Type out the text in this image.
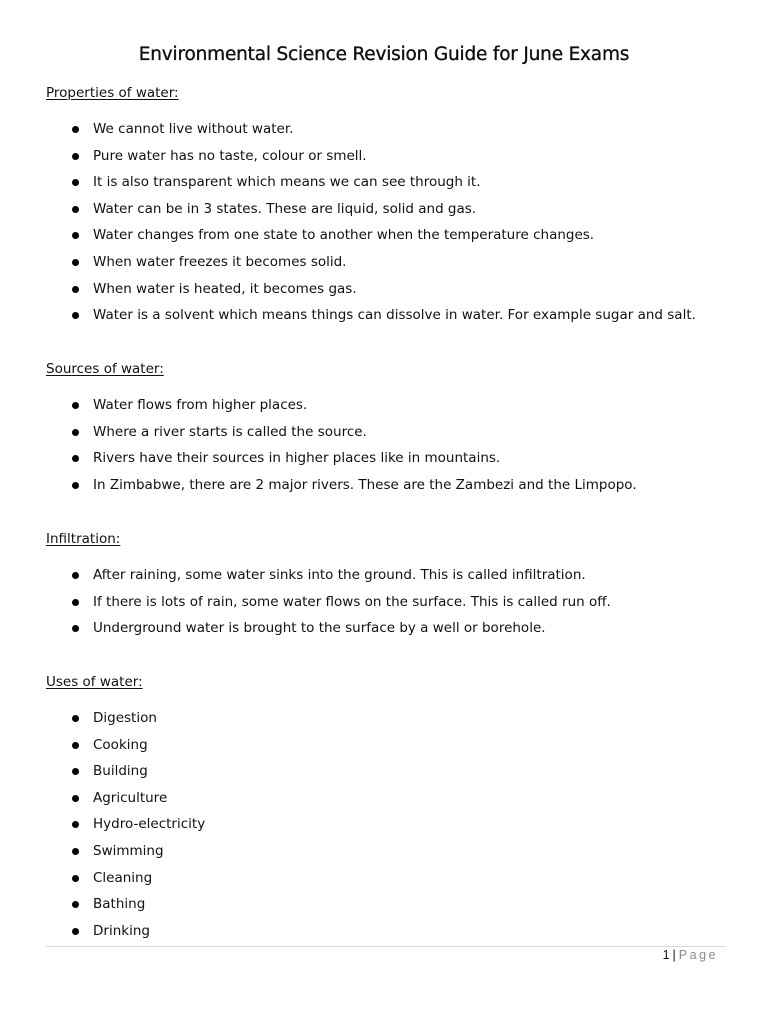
Environmental Science Revision Guide for June Exams

Properties of water:

We cannot live without water.
Pure water has no taste, colour or smell.
It is also transparent which means we can see through it.
Water can be in 3 states. These are liquid, solid and gas.
Water changes from one state to another when the temperature changes.
When water freezes it becomes solid.
When water is heated, it becomes gas.
Water is a solvent which means things can dissolve in water. For example sugar and salt.

Sources of water:

Water flows from higher places.
Where a river starts is called the source.
Rivers have their sources in higher places like in mountains.
In Zimbabwe, there are 2 major rivers. These are the Zambezi and the Limpopo.

Infiltration:

After raining, some water sinks into the ground. This is called infiltration.
If there is lots of rain, some water flows on the surface. This is called run off.
Underground water is brought to the surface by a well or borehole.

Uses of water:

Digestion
Cooking
Building
Agriculture
Hydro-electricity
Swimming
Cleaning
Bathing
Drinking
1 | Page
